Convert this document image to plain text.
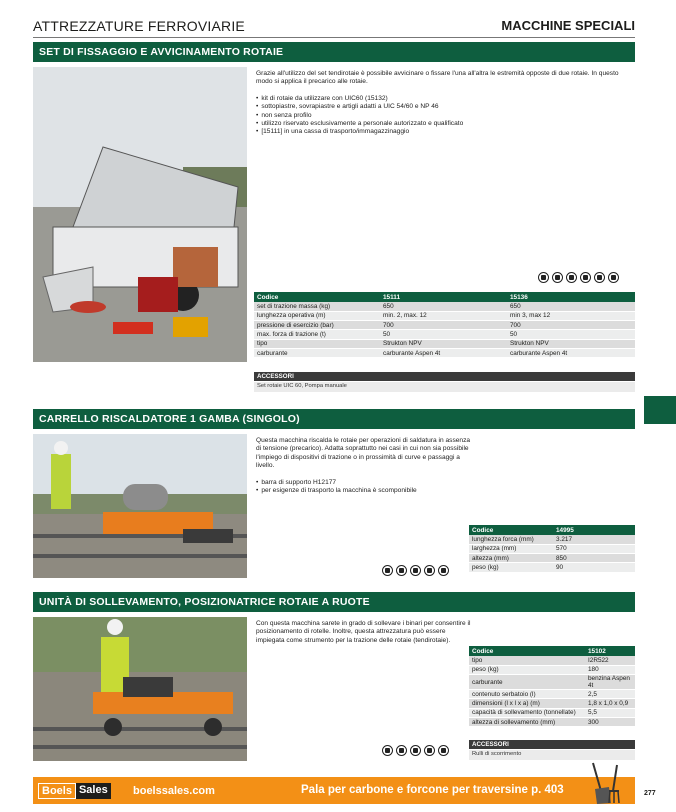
ATTREZZATURE FERROVIARIE	MACCHINE SPECIALI
SET DI FISSAGGIO E AVVICINAMENTO ROTAIE

Grazie all'utilizzo del set tendirotaie è possibile avvicinare o fissare l'una all'altra le estremità opposte di due rotaie. In questo modo si applica il precarico alle rotaie.

• kit di rotaie da utilizzare con UIC60 (15132)
• sottopiastre, sovrapiastre e artigli adatti a UIC 54/60 e NP 46
• non senza profilo
• utilizzo riservato esclusivamente a personale autorizzato e qualificato
• [15111] in una cassa di trasporto/immagazzinaggio
Codice	15111	15136
set di trazione massa (kg)	650	650
lunghezza operativa (m)	min. 2, max. 12	min 3, max 12
pressione di esercizio (bar)	700	700
max. forza di trazione (t)	50	50
tipo	Strukton NPV	Strukton NPV
carburante	carburante Aspen 4t	carburante Aspen 4t
ACCESSORI
Set rotaie UIC 60, Pompa manuale
CARRELLO RISCALDATORE 1 GAMBA (SINGOLO)

Questa macchina riscalda le rotaie per operazioni di saldatura in assenza di tensione (precarico). Adatta soprattutto nei casi in cui non sia possibile l'impiego di dispositivi di trazione o in prossimità di curve e passaggi a livello.

• barra di supporto H12177
• per esigenze di trasporto la macchina è scomponibile
Codice	14995
lunghezza forca (mm)	3.217
larghezza (mm)	570
altezza (mm)	850
peso (kg)	90
UNITÀ DI SOLLEVAMENTO, POSIZIONATRICE ROTAIE A RUOTE

Con questa macchina sarete in grado di sollevare i binari per consentire il posizionamento di rotelle. Inoltre, questa attrezzatura può essere impiegata come strumento per la trazione delle rotaie (tendirotaie).

Codice	15102
tipo	I2R522
peso (kg)	180
carburante	benzina Aspen 4t
contenuto serbatoio (l)	2,5
dimensioni (l x l x a) (m)	1,8 x 1,0 x 0,9
capacità di sollevamento (tonnellate)	5,5
altezza di sollevamento (mm)	300
ACCESSORI
Rulli di scorrimento
Boels Sales boelssales.com	Pala per carbone e forcone per traversine p. 403	277
